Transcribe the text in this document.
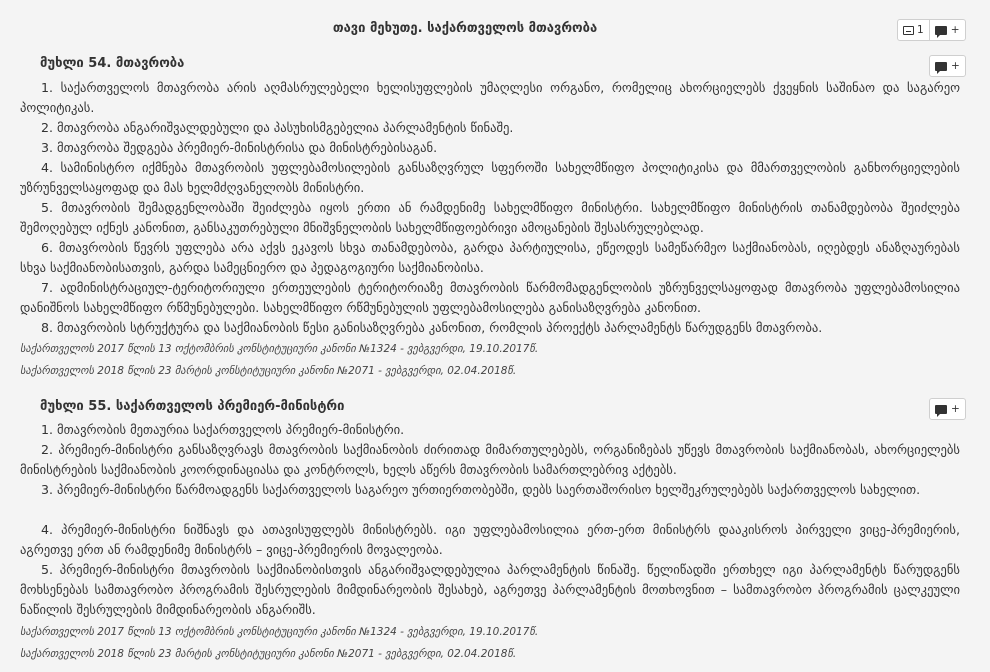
თავი მეხუთე. საქართველოს მთავრობა	1	+
მუხლი 54. მთავრობა	+

1. საქართველოს მთავრობა არის აღმასრულებელი ხელისუფლების უმაღლესი ორგანო, რომელიც ახორციელებს ქვეყნის საშინაო და საგარეო პოლიტიკას.

2. მთავრობა ანგარიშვალდებული და პასუხისმგებელია პარლამენტის წინაშე.

3. მთავრობა შედგება პრემიერ-მინისტრისა და მინისტრებისაგან.

4. სამინისტრო იქმნება მთავრობის უფლებამოსილების განსაზღვრულ სფეროში სახელმწიფო პოლიტიკისა და მმართველობის განხორციელების უზრუნველსაყოფად და მას ხელმძღვანელობს მინისტრი.

5. მთავრობის შემადგენლობაში შეიძლება იყოს ერთი ან რამდენიმე სახელმწიფო მინისტრი. სახელმწიფო მინისტრის თანამდებობა შეიძლება შემოღებულ იქნეს კანონით, განსაკუთრებული მნიშვნელობის სახელმწიფოებრივი ამოცანების შესასრულებლად.

6. მთავრობის წევრს უფლება არა აქვს ეკავოს სხვა თანამდებობა, გარდა პარტიულისა, ეწეოდეს სამეწარმეო საქმიანობას, იღებდეს ანაზღაურებას სხვა საქმიანობისათვის, გარდა სამეცნიერო და პედაგოგიური საქმიანობისა.

7. ადმინისტრაციულ-ტერიტორიული ერთეულების ტერიტორიაზე მთავრობის წარმომადგენლობის უზრუნველსაყოფად მთავრობა უფლებამოსილია დანიშნოს სახელმწიფო რწმუნებულები. სახელმწიფო რწმუნებულის უფლებამოსილება განისაზღვრება კანონით.

8. მთავრობის სტრუქტურა და საქმიანობის წესი განისაზღვრება კანონით, რომლის პროექტს პარლამენტს წარუდგენს მთავრობა.

საქართველოს 2017 წლის 13 ოქტომბრის კონსტიტუციური კანონი №1324 - ვებგვერდი, 19.10.2017წ.
საქართველოს 2018 წლის 23 მარტის კონსტიტუციური კანონი №2071 - ვებგვერდი, 02.04.2018წ.
მუხლი 55. საქართველოს პრემიერ-მინისტრი	+

1. მთავრობის მეთაურია საქართველოს პრემიერ-მინისტრი.

2. პრემიერ-მინისტრი განსაზღვრავს მთავრობის საქმიანობის ძირითად მიმართულებებს, ორგანიზებას უწევს მთავრობის საქმიანობას, ახორციელებს მინისტრების საქმიანობის კოორდინაციასა და კონტროლს, ხელს აწერს მთავრობის სამართლებრივ აქტებს.

3. პრემიერ-მინისტრი წარმოადგენს საქართველოს საგარეო ურთიერთობებში, დებს საერთაშორისო ხელშეკრულებებს საქართველოს სახელით.

4. პრემიერ-მინისტრი ნიშნავს და ათავისუფლებს მინისტრებს. იგი უფლებამოსილია ერთ-ერთ მინისტრს დააკისროს პირველი ვიცე-პრემიერის, აგრეთვე ერთ ან რამდენიმე მინისტრს – ვიცე-პრემიერის მოვალეობა.

5. პრემიერ-მინისტრი მთავრობის საქმიანობისთვის ანგარიშვალდებულია პარლამენტის წინაშე. წელიწადში ერთხელ იგი პარლამენტს წარუდგენს მოხსენებას სამთავრობო პროგრამის შესრულების მიმდინარეობის შესახებ, აგრეთვე პარლამენტის მოთხოვნით – სამთავრობო პროგრამის ცალკეული ნაწილის შესრულების მიმდინარეობის ანგარიშს.

საქართველოს 2017 წლის 13 ოქტომბრის კონსტიტუციური კანონი №1324 - ვებგვერდი, 19.10.2017წ.
საქართველოს 2018 წლის 23 მარტის კონსტიტუციური კანონი №2071 - ვებგვერდი, 02.04.2018წ.
